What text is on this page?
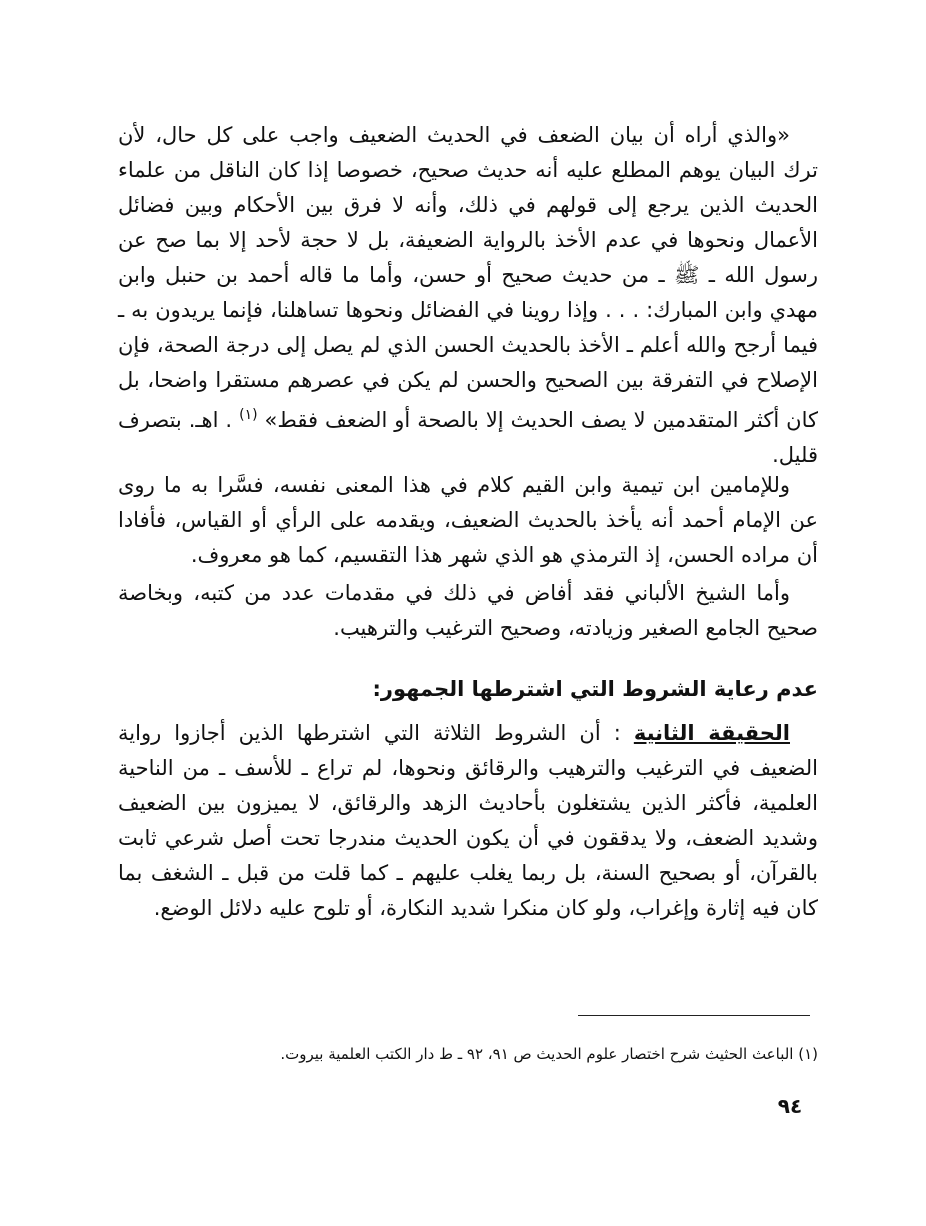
«والذي أراه أن بيان الضعف في الحديث الضعيف واجب على كل حال، لأن ترك البيان يوهم المطلع عليه أنه حديث صحيح، خصوصا إذا كان الناقل من علماء الحديث الذين يرجع إلى قولهم في ذلك، وأنه لا فرق بين الأحكام وبين فضائل الأعمال ونحوها في عدم الأخذ بالرواية الضعيفة، بل لا حجة لأحد إلا بما صح عن رسول الله ـ ﷺ ـ من حديث صحيح أو حسن، وأما ما قاله أحمد بن حنبل وابن مهدي وابن المبارك: . . . وإذا روينا في الفضائل ونحوها تساهلنا، فإنما يريدون به ـ فيما أرجح والله أعلم ـ الأخذ بالحديث الحسن الذي لم يصل إلى درجة الصحة، فإن الإصلاح في التفرقة بين الصحيح والحسن لم يكن في عصرهم مستقرا واضحا، بل كان أكثر المتقدمين لا يصف الحديث إلا بالصحة أو الضعف فقط» $^{(١)}$ . اهـ. بتصرف قليل.

وللإمامين ابن تيمية وابن القيم كلام في هذا المعنى نفسه، فسَّرا به ما روى عن الإمام أحمد أنه يأخذ بالحديث الضعيف، ويقدمه على الرأي أو القياس، فأفادا أن مراده الحسن، إذ الترمذي هو الذي شهر هذا التقسيم، كما هو معروف.

وأما الشيخ الألباني فقد أفاض في ذلك في مقدمات عدد من كتبه، وبخاصة صحيح الجامع الصغير وزيادته، وصحيح الترغيب والترهيب.

عدم رعاية الشروط التي اشترطها الجمهور:

الحقيقة الثانية : أن الشروط الثلاثة التي اشترطها الذين أجازوا رواية الضعيف في الترغيب والترهيب والرقائق ونحوها، لم تراع ـ للأسف ـ من الناحية العلمية، فأكثر الذين يشتغلون بأحاديث الزهد والرقائق، لا يميزون بين الضعيف وشديد الضعف، ولا يدققون في أن يكون الحديث مندرجا تحت أصل شرعي ثابت بالقرآن، أو بصحيح السنة، بل ربما يغلب عليهم ـ كما قلت من قبل ـ الشغف بما كان فيه إثارة وإغراب، ولو كان منكرا شديد النكارة، أو تلوح عليه دلائل الوضع.

(١) الباعث الحثيث شرح اختصار علوم الحديث ص ٩١، ٩٢ ـ ط دار الكتب العلمية بيروت.
٩٤
